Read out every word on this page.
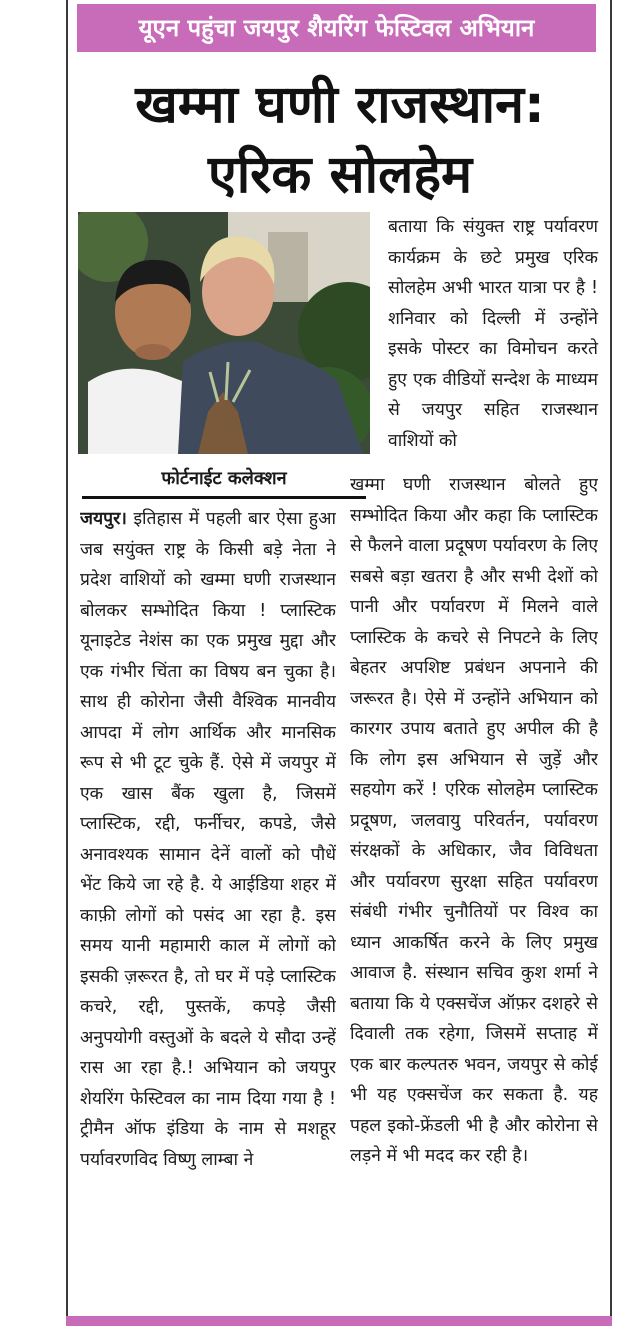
यूएन पहुंचा जयपुर शैयरिंग फेस्टिवल अभियान
खम्मा घणी राजस्थान:
एरिक सोलहेम
फोर्टनाईट कलेक्शन
बताया कि संयुक्त राष्ट्र पर्यावरण कार्यक्रम के छटे प्रमुख एरिक सोलहेम अभी भारत यात्रा पर है ! शनिवार को दिल्ली में उन्होंने इसके पोस्टर का विमोचन करते हुए एक वीडियों सन्देश के माध्यम से जयपुर सहित राजस्थान वाशियों को
जयपुर। इतिहास में पहली बार ऐसा हुआ जब सयुंक्त राष्ट्र के किसी बड़े नेता ने प्रदेश वाशियों को खम्मा घणी राजस्थान बोलकर सम्भोदित किया ! प्लास्टिक यूनाइटेड नेशंस का एक प्रमुख मुद्दा और एक गंभीर चिंता का विषय बन चुका है। साथ ही कोरोना जैसी वैश्विक मानवीय आपदा में लोग आर्थिक और मानसिक रूप से भी टूट चुके हैं. ऐसे में जयपुर में एक खास बैंक खुला है, जिसमें प्लास्टिक, रद्दी, फर्नीचर, कपडे, जैसे अनावश्यक सामान देनें वालों को पौधें भेंट किये जा रहे है. ये आईडिया शहर में काफ़ी लोगों को पसंद आ रहा है. इस समय यानी महामारी काल में लोगों को इसकी ज़रूरत है, तो घर में पड़े प्लास्टिक कचरे, रद्दी, पुस्तकें, कपड़े जैसी अनुपयोगी वस्तुओं के बदले ये सौदा उन्हें रास आ रहा है.! अभियान को जयपुर शेयरिंग फेस्टिवल का नाम दिया गया है ! ट्रीमैन ऑफ इंडिया के नाम से मशहूर पर्यावरणविद विष्णु लाम्बा ने
खम्मा घणी राजस्थान बोलते हुए सम्भोदित किया और कहा कि प्लास्टिक से फैलने वाला प्रदूषण पर्यावरण के लिए सबसे बड़ा खतरा है और सभी देशों को पानी और पर्यावरण में मिलने वाले प्लास्टिक के कचरे से निपटने के लिए बेहतर अपशिष्ट प्रबंधन अपनाने की जरूरत है। ऐसे में उन्होंने अभियान को कारगर उपाय बताते हुए अपील की है कि लोग इस अभियान से जुड़ें और सहयोग करें ! एरिक सोलहेम प्लास्टिक प्रदूषण, जलवायु परिवर्तन, पर्यावरण संरक्षकों के अधिकार, जैव विविधता और पर्यावरण सुरक्षा सहित पर्यावरण संबंधी गंभीर चुनौतियों पर विश्व का ध्यान आकर्षित करने के लिए प्रमुख आवाज है. संस्थान सचिव कुश शर्मा ने बताया कि ये एक्सचेंज ऑफ़र दशहरे से दिवाली तक रहेगा, जिसमें सप्ताह में एक बार कल्पतरु भवन, जयपुर से कोई भी यह एक्सचेंज कर सकता है. यह पहल इको-फ्रेंडली भी है और कोरोना से लड़ने में भी मदद कर रही है।
